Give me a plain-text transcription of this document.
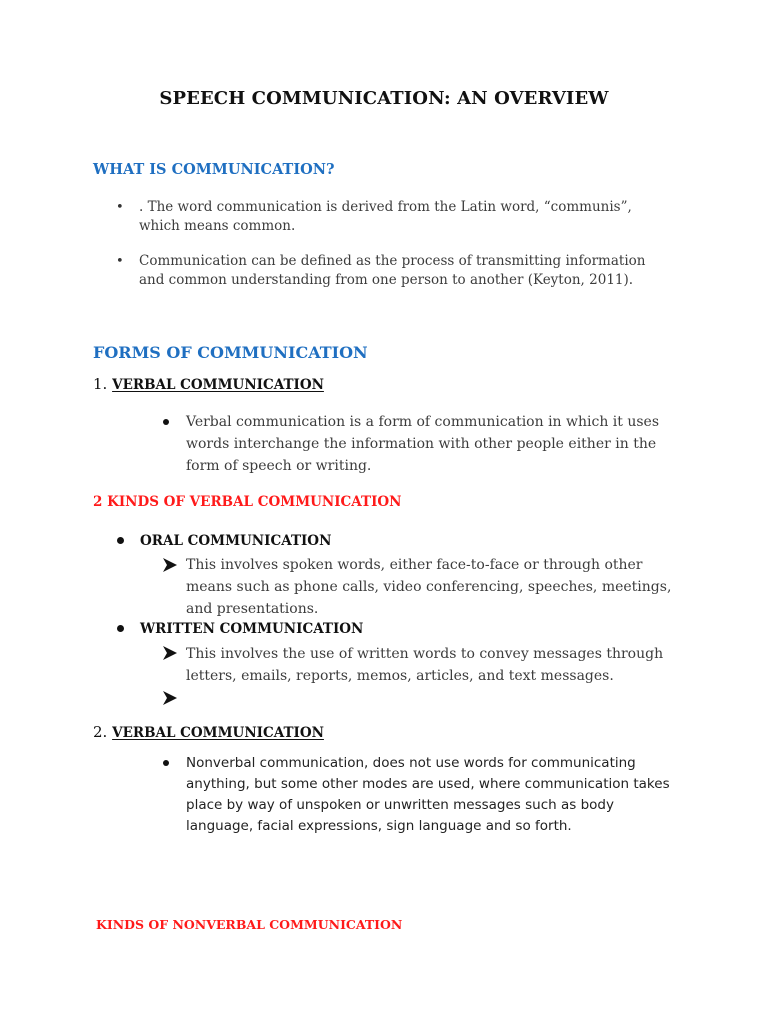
SPEECH COMMUNICATION: AN OVERVIEW
WHAT IS COMMUNICATION?
• . The word communication is derived from the Latin word, “communis”,
which means common.
• Communication can be defined as the process of transmitting information
and common understanding from one person to another (Keyton, 2011).
FORMS OF COMMUNICATION
1. VERBAL COMMUNICATION
Verbal communication is a form of communication in which it uses
words interchange the information with other people either in the
form of speech or writing.
2 KINDS OF VERBAL COMMUNICATION
ORAL COMMUNICATION
This involves spoken words, either face-to-face or through other
means such as phone calls, video conferencing, speeches, meetings,
and presentations.
WRITTEN COMMUNICATION
This involves the use of written words to convey messages through
letters, emails, reports, memos, articles, and text messages.
2. VERBAL COMMUNICATION
Nonverbal communication, does not use words for communicating
anything, but some other modes are used, where communication takes
place by way of unspoken or unwritten messages such as body
language, facial expressions, sign language and so forth.
KINDS OF NONVERBAL COMMUNICATION
